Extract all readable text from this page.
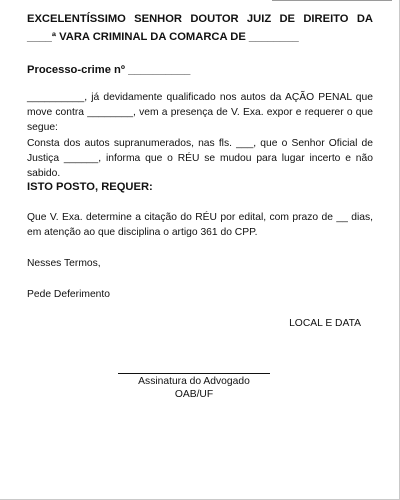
EXCELENTÍSSIMO SENHOR DOUTOR JUIZ DE DIREITO DA ____ª VARA CRIMINAL DA COMARCA DE ________
Processo-crime nº __________
__________, já devidamente qualificado nos autos da AÇÃO PENAL que move contra ________, vem a presença de V. Exa. expor e requerer o que segue:
Consta dos autos supranumerados, nas fls. ___, que o Senhor Oficial de Justiça ______, informa que o RÉU se mudou para lugar incerto e não sabido.
ISTO POSTO, REQUER:
Que V. Exa. determine a citação do RÉU por edital, com prazo de __ dias, em atenção ao que disciplina o artigo 361 do CPP.
Nesses Termos,
Pede Deferimento
LOCAL E DATA
Assinatura do Advogado
OAB/UF
